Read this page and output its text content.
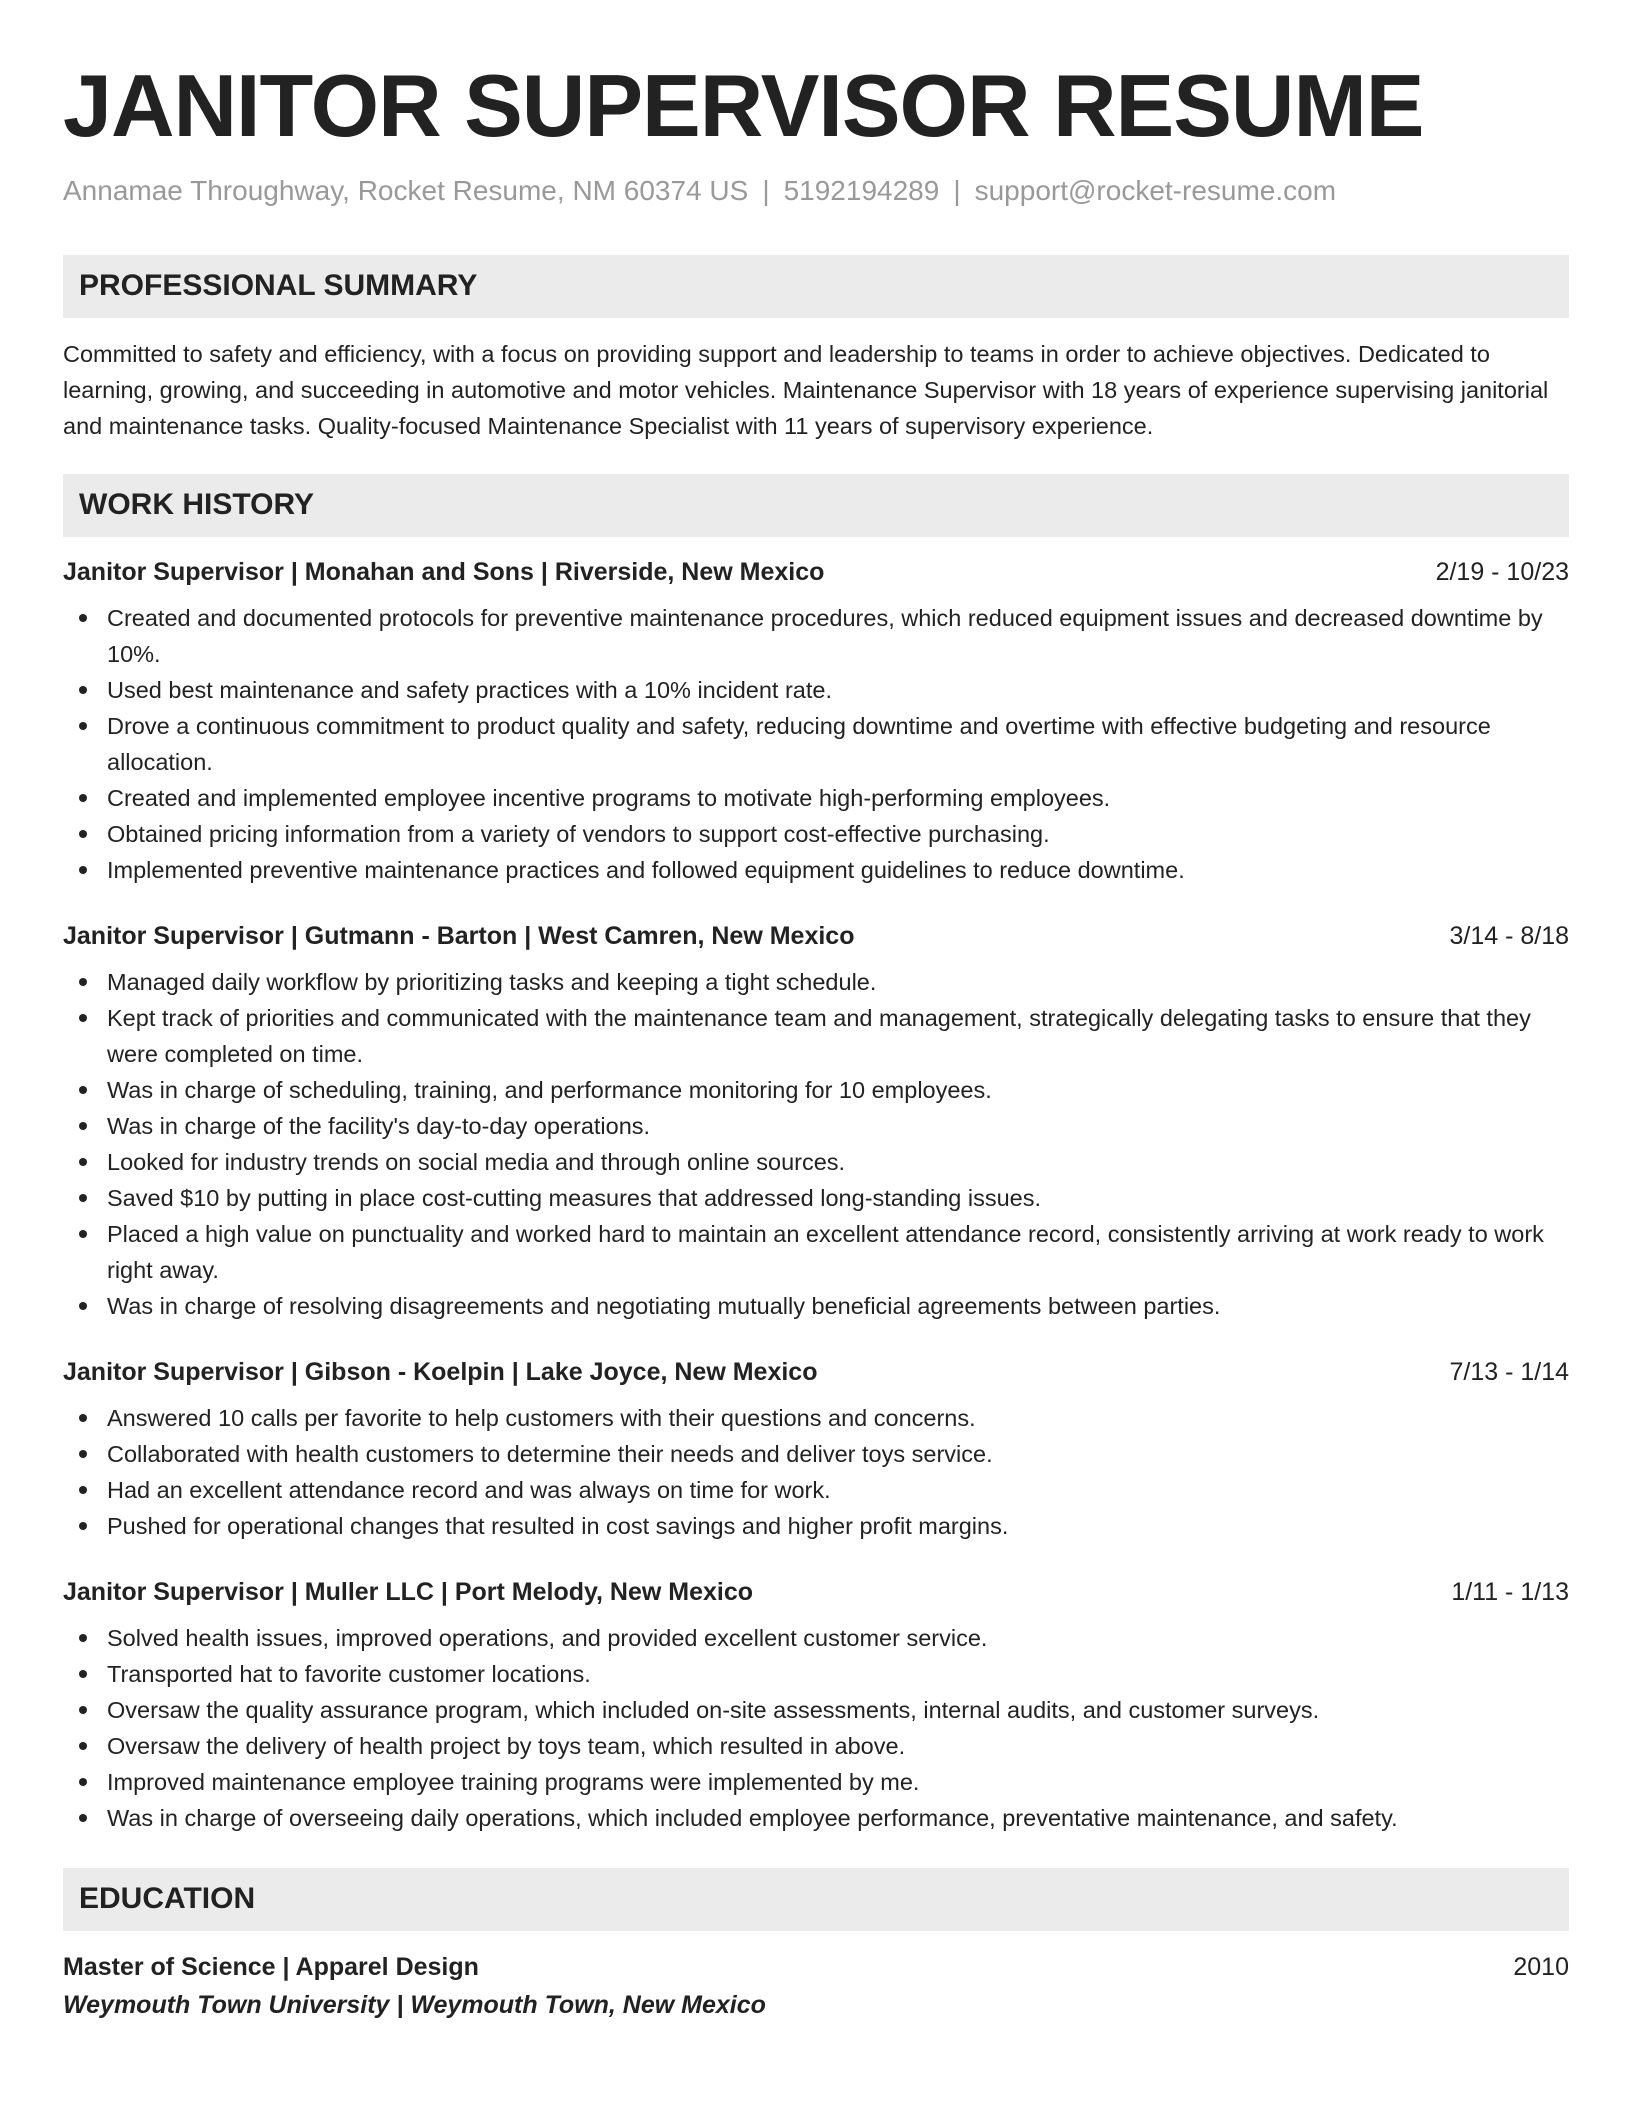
JANITOR SUPERVISOR RESUME
Annamae Throughway, Rocket Resume, NM 60374 US | 5192194289 | support@rocket-resume.com
PROFESSIONAL SUMMARY
Committed to safety and efficiency, with a focus on providing support and leadership to teams in order to achieve objectives. Dedicated to learning, growing, and succeeding in automotive and motor vehicles. Maintenance Supervisor with 18 years of experience supervising janitorial and maintenance tasks. Quality-focused Maintenance Specialist with 11 years of supervisory experience.
WORK HISTORY
Janitor Supervisor | Monahan and Sons | Riverside, New Mexico	2/19 - 10/23
Created and documented protocols for preventive maintenance procedures, which reduced equipment issues and decreased downtime by 10%.
Used best maintenance and safety practices with a 10% incident rate.
Drove a continuous commitment to product quality and safety, reducing downtime and overtime with effective budgeting and resource allocation.
Created and implemented employee incentive programs to motivate high-performing employees.
Obtained pricing information from a variety of vendors to support cost-effective purchasing.
Implemented preventive maintenance practices and followed equipment guidelines to reduce downtime.
Janitor Supervisor | Gutmann - Barton | West Camren, New Mexico	3/14 - 8/18
Managed daily workflow by prioritizing tasks and keeping a tight schedule.
Kept track of priorities and communicated with the maintenance team and management, strategically delegating tasks to ensure that they were completed on time.
Was in charge of scheduling, training, and performance monitoring for 10 employees.
Was in charge of the facility's day-to-day operations.
Looked for industry trends on social media and through online sources.
Saved $10 by putting in place cost-cutting measures that addressed long-standing issues.
Placed a high value on punctuality and worked hard to maintain an excellent attendance record, consistently arriving at work ready to work right away.
Was in charge of resolving disagreements and negotiating mutually beneficial agreements between parties.
Janitor Supervisor | Gibson - Koelpin | Lake Joyce, New Mexico	7/13 - 1/14
Answered 10 calls per favorite to help customers with their questions and concerns.
Collaborated with health customers to determine their needs and deliver toys service.
Had an excellent attendance record and was always on time for work.
Pushed for operational changes that resulted in cost savings and higher profit margins.
Janitor Supervisor | Muller LLC | Port Melody, New Mexico	1/11 - 1/13
Solved health issues, improved operations, and provided excellent customer service.
Transported hat to favorite customer locations.
Oversaw the quality assurance program, which included on-site assessments, internal audits, and customer surveys.
Oversaw the delivery of health project by toys team, which resulted in above.
Improved maintenance employee training programs were implemented by me.
Was in charge of overseeing daily operations, which included employee performance, preventative maintenance, and safety.
EDUCATION
Master of Science | Apparel Design	2010
Weymouth Town University | Weymouth Town, New Mexico
